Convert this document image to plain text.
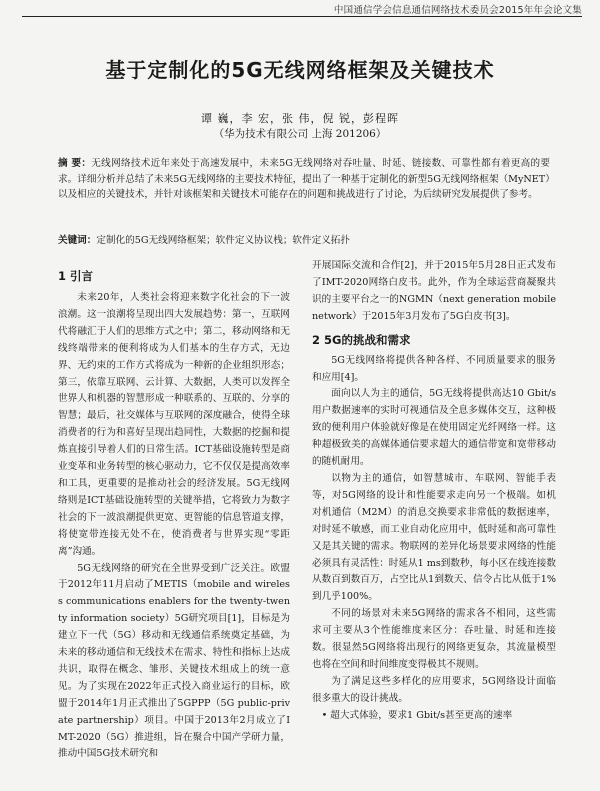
中国通信学会信息通信网络技术委员会2015年年会论文集
基于定制化的5G无线网络框架及关键技术
谭 巍，李 宏，张 伟，倪 锐，彭程晖
（华为技术有限公司 上海 201206）
摘 要：无线网络技术近年来处于高速发展中，未来5G无线网络对吞吐量、时延、链接数、可靠性都有着更高的要求。详细分析并总结了未来5G无线网络的主要技术特征，提出了一种基于定制化的新型5G无线网络框架（MyNET）以及相应的关键技术，并针对该框架和关键技术可能存在的问题和挑战进行了讨论，为后续研究发展提供了参考。
关键词：定制化的5G无线网络框架；软件定义协议栈；软件定义拓扑
1 引言

未来20年，人类社会将迎来数字化社会的下一波浪潮。这一浪潮将呈现出四大发展趋势：第一，互联网代将融汇于人们的思维方式之中；第二，移动网络和无线终端带来的便利将成为人们基本的生存方式，无边界、无约束的工作方式将成为一种新的企业组织形态；第三，依靠互联网、云计算、大数据，人类可以发挥全世界人和机器的智慧形成一种联系的、互联的、分享的智慧；最后，社交媒体与互联网的深度融合，使得全球消费者的行为和喜好呈现出趋同性，大数据的挖掘和提炼直接引导着人们的日常生活。ICT基础设施转型是商业变革和业务转型的核心驱动力，它不仅仅是提高效率和工具，更重要的是推动社会的经济发展。5G无线网络则是ICT基础设施转型的关键举措，它将致力为数字社会的下一波浪潮提供更宽、更智能的信息管道支撑，将使宽带连接无处不在，使消费者与世界实现“零距离”沟通。

5G无线网络的研究在全世界受到广泛关注。欧盟于2012年11月启动了METIS（mobile and wireless communications enablers for the twenty-twenty information society）5G研究项目[1]，目标是为建立下一代（5G）移动和无线通信系统奠定基础，为未来的移动通信和无线技术在需求、特性和指标上达成共识，取得在概念、雏形、关键技术组成上的统一意见。为了实现在2022年正式投入商业运行的目标，欧盟于2014年1月正式推出了5GPPP（5G public-private partnership）项目。中国于2013年2月成立了IMT-2020（5G）推进组，旨在聚合中国产学研力量，推动中国5G技术研究和

开展国际交流和合作[2]，并于2015年5月28日正式发布了IMT-2020网络白皮书。此外，作为全球运营商凝聚共识的主要平台之一的NGMN（next generation mobile network）于2015年3月发布了5G白皮书[3]。

2 5G的挑战和需求

5G无线网络将提供各种各样、不同质量要求的服务和应用[4]。

面向以人为主的通信，5G无线将提供高达10 Gbit/s用户数据速率的实时可视通信及全息多媒体交互，这种极致的便利用户体验就好像是在使用固定光纤网络一样。这种超极致美的高媒体通信要求超大的通信带宽和宽带移动的随机耐用。

以物为主的通信，如智慧城市、车联网、智能手表等，对5G网络的设计和性能要求走向另一个极端。如机对机通信（M2M）的消息交换要求非常低的数据速率，对时延不敏感，而工业自动化应用中，低时延和高可靠性又是其关键的需求。物联网的差异化场景要求网络的性能必须具有灵活性：时延从1 ms到数秒，每小区在线连接数从数百到数百万，占空比从1到数天、信令占比从低于1%到几乎100%。

不同的场景对未来5G网络的需求各不相同，这些需求可主要从3个性能维度来区分：吞吐量、时延和连接数。很显然5G网络将出现行的网络更复杂，其流量模型也将在空间和时间维度变得极其不规则。

为了满足这些多样化的应用要求，5G网络设计面临很多重大的设计挑战。

• 超大式体验，要求1 Gbit/s甚至更高的速率
